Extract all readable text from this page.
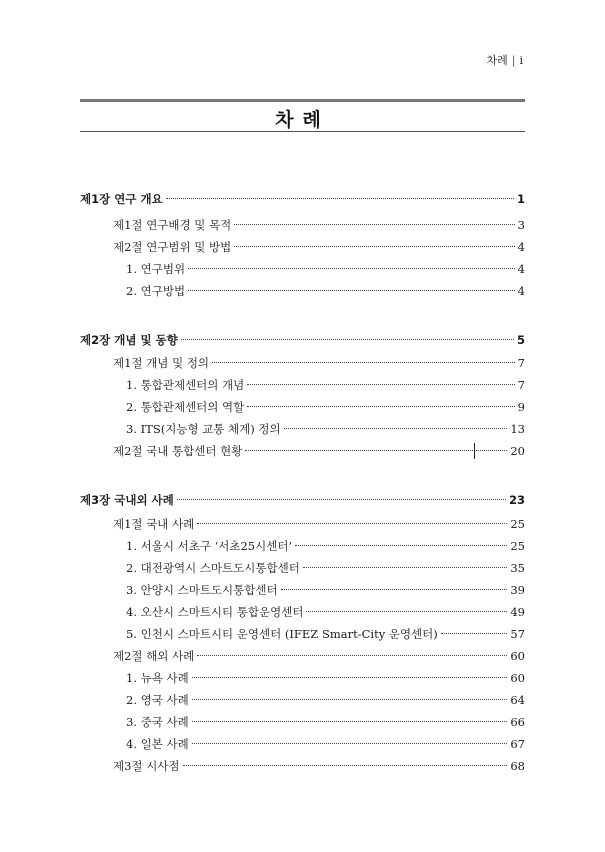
차례 | i
차례
제1장 연구 개요	1
제1절 연구배경 및 목적	3
제2절 연구범위 및 방법	4
1. 연구범위	4
2. 연구방법	4
제2장 개념 및 동향	5
제1절 개념 및 정의	7
1. 통합관제센터의 개념	7
2. 통합관제센터의 역할	9
3. ITS(지능형 교통 체계) 정의	13
제2절 국내 통합센터 현황	20
제3장 국내외 사례	23
제1절 국내 사례	25
1. 서울시 서초구 ‘서초25시센터’	25
2. 대전광역시 스마트도시통합센터	35
3. 안양시 스마트도시통합센터	39
4. 오산시 스마트시티 통합운영센터	49
5. 인천시 스마트시티 운영센터 (IFEZ Smart-City 운영센터)	57
제2절 해외 사례	60
1. 뉴욕 사례	60
2. 영국 사례	64
3. 중국 사례	66
4. 일본 사례	67
제3절 시사점	68
